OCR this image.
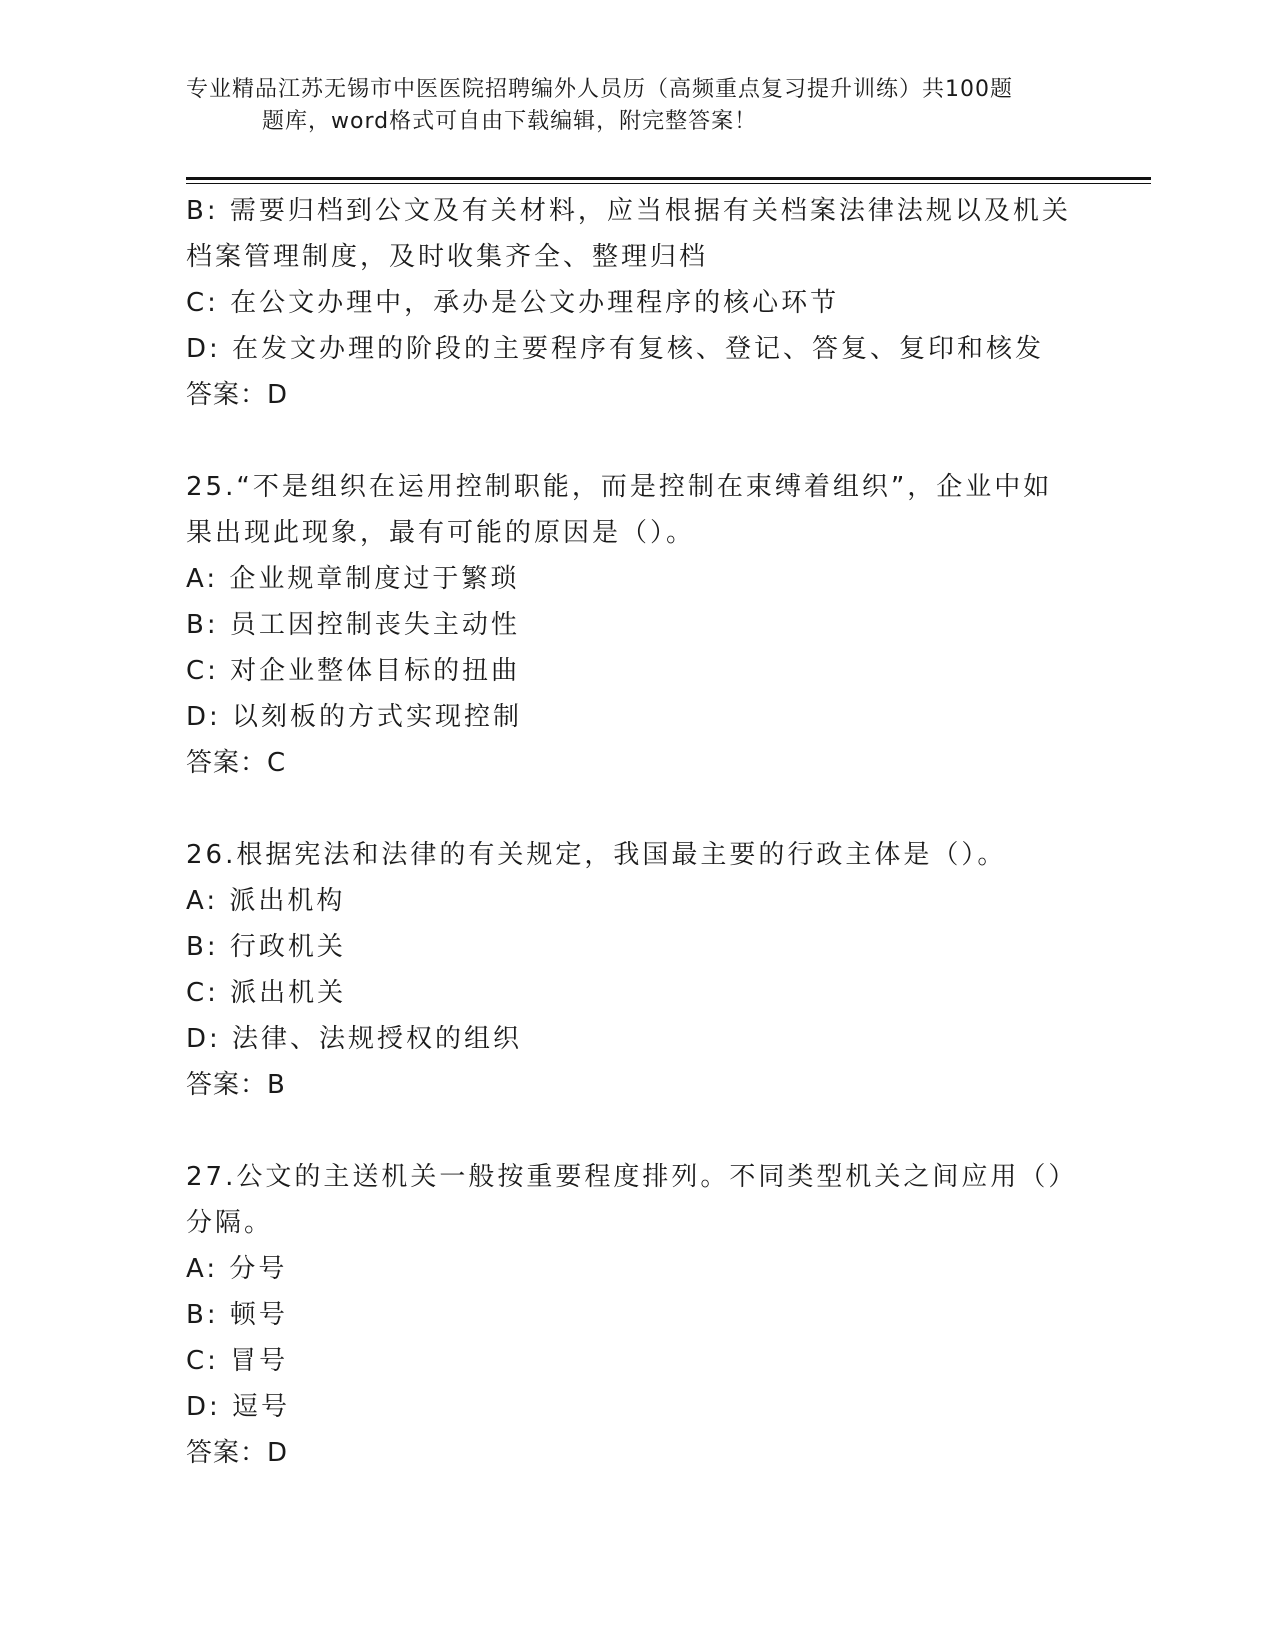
专业精品江苏无锡市中医医院招聘编外人员历（高频重点复习提升训练）共100题
题库，word格式可自由下载编辑，附完整答案！
B: 需要归档到公文及有关材料，应当根据有关档案法律法规以及机关
档案管理制度，及时收集齐全、整理归档
C: 在公文办理中，承办是公文办理程序的核心环节
D: 在发文办理的阶段的主要程序有复核、登记、答复、复印和核发
答案：D
25.“不是组织在运用控制职能，而是控制在束缚着组织”，企业中如
果出现此现象，最有可能的原因是（）。
A: 企业规章制度过于繁琐
B: 员工因控制丧失主动性
C: 对企业整体目标的扭曲
D: 以刻板的方式实现控制
答案：C
26.根据宪法和法律的有关规定，我国最主要的行政主体是（）。
A: 派出机构
B: 行政机关
C: 派出机关
D: 法律、法规授权的组织
答案：B
27.公文的主送机关一般按重要程度排列。不同类型机关之间应用（）
分隔。
A: 分号
B: 顿号
C: 冒号
D: 逗号
答案：D
